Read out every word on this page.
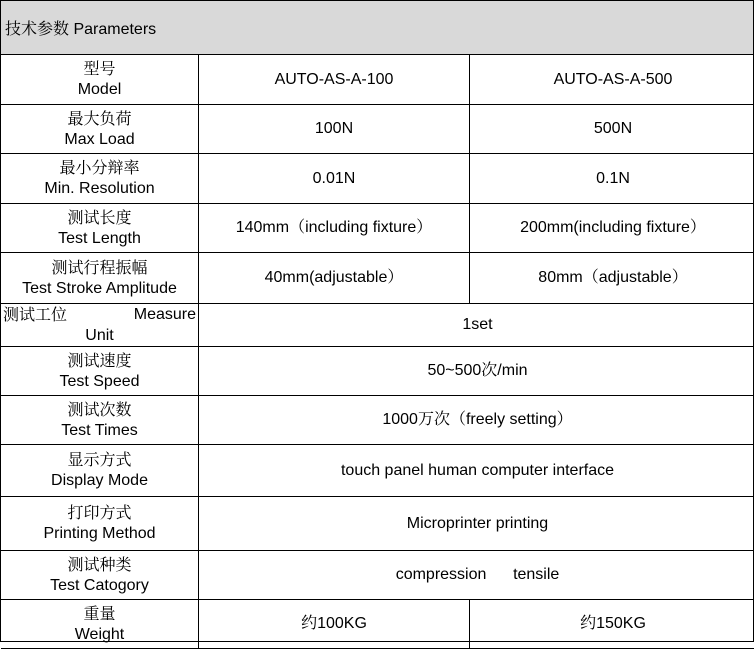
技术参数 Parameters
型号
Model	AUTO-AS-A-100	AUTO-AS-A-500

最大负荷
Max Load	100N	500N

最小分辩率
Min. Resolution	0.01N	0.1N

测试长度
Test Length	140mm（including fixture）	200mm(including fixture）

测试行程振幅
Test Stroke Amplitude	40mm(adjustable）	80mm（adjustable）

测试工位 Measure
Unit	1set	

测试速度
Test Speed	50~500次/min	

测试次数
Test Times	1000万次（freely setting）	

显示方式
Display Mode	touch panel human computer interface	

打印方式
Printing Method	Microprinter printing	

测试种类
Test Catogory	compression tensile	

重量
Weight	约100KG	约150KG
